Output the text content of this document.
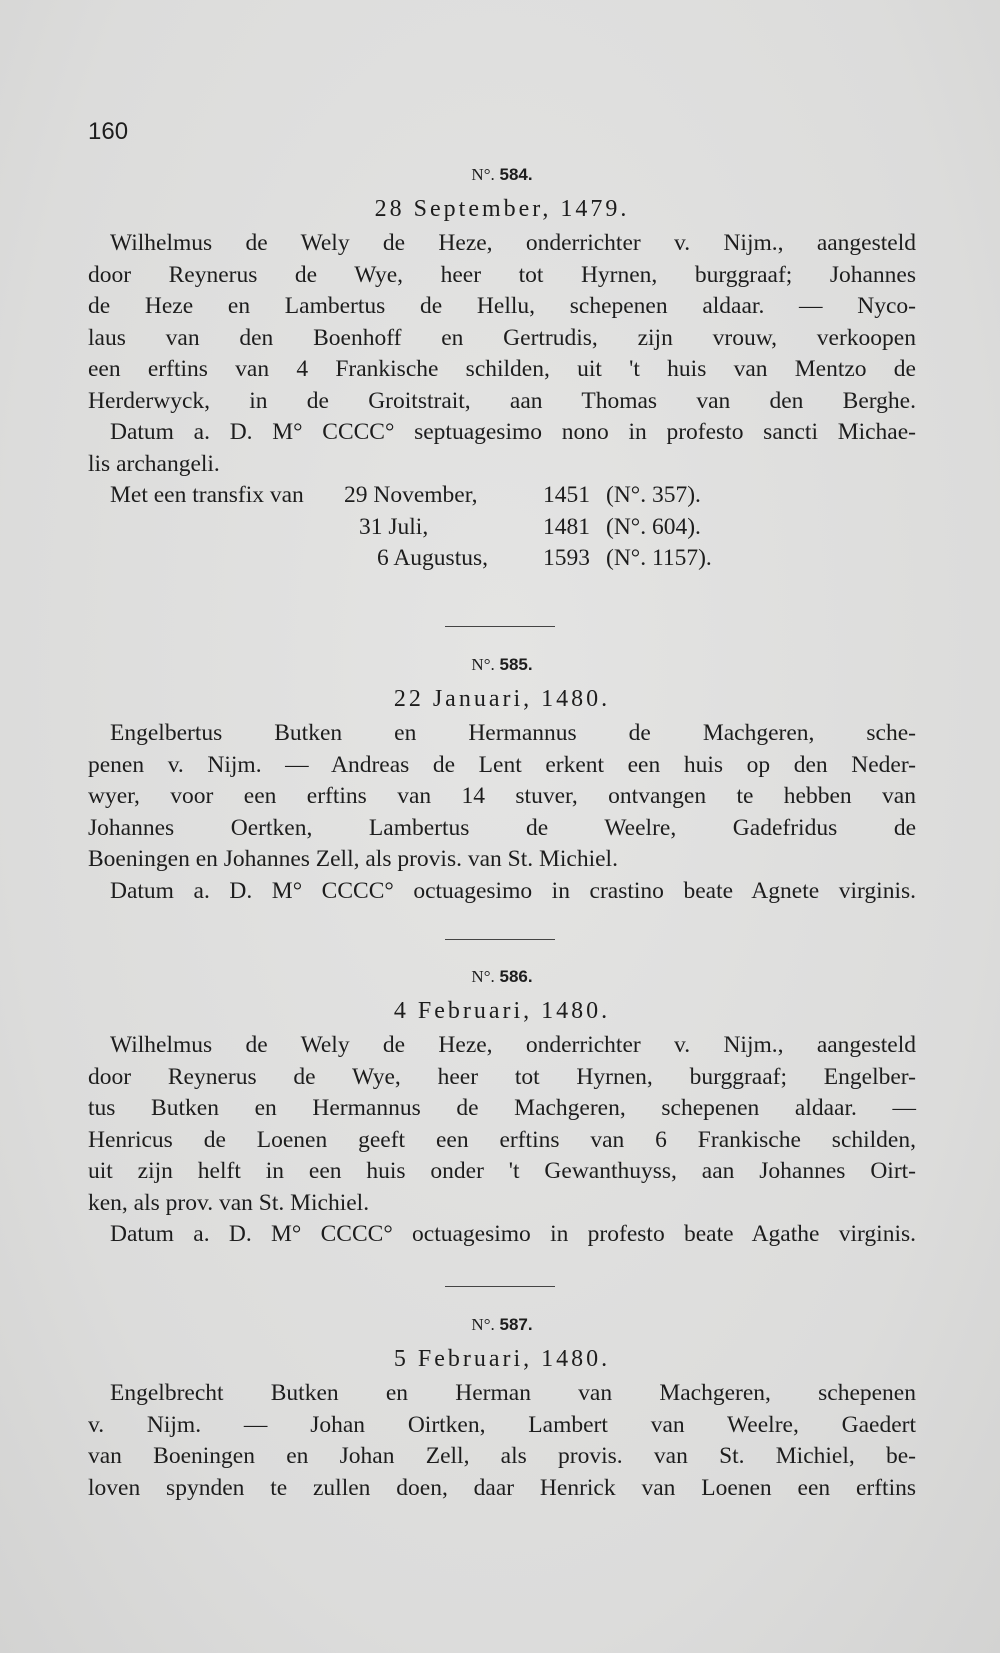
160
N°. 584.
28 September, 1479.
Wilhelmus de Wely de Heze, onderrichter v. Nijm., aangesteld
door Reynerus de Wye, heer tot Hyrnen, burggraaf; Johannes
de Heze en Lambertus de Hellu, schepenen aldaar. — Nyco-
laus van den Boenhoff en Gertrudis, zijn vrouw, verkoopen
een erftins van 4 Frankische schilden, uit 't huis van Mentzo de
Herderwyck, in de Groitstrait, aan Thomas van den Berghe.
Datum a. D. M° CCCC° septuagesimo nono in profesto sancti Michae-
lis archangeli.
Met een transfix van 29 November,	1451 (N°. 357).
31 Juli,	1481 (N°. 604).
6 Augustus, 1593 (N°. 1157).
N°. 585.
22 Januari, 1480.
Engelbertus Butken en Hermannus de Machgeren, sche-
penen v. Nijm. — Andreas de Lent erkent een huis op den Neder-
wyer, voor een erftins van 14 stuver, ontvangen te hebben van
Johannes Oertken, Lambertus de Weelre, Gadefridus de
Boeningen en Johannes Zell, als provis. van St. Michiel.
Datum a. D. M° CCCC° octuagesimo in crastino beate Agnete virginis.
N°. 586.
4 Februari, 1480.
Wilhelmus de Wely de Heze, onderrichter v. Nijm., aangesteld
door Reynerus de Wye, heer tot Hyrnen, burggraaf; Engelber-
tus Butken en Hermannus de Machgeren, schepenen aldaar. —
Henricus de Loenen geeft een erftins van 6 Frankische schilden,
uit zijn helft in een huis onder 't Gewanthuyss, aan Johannes Oirt-
ken, als prov. van St. Michiel.
Datum a. D. M° CCCC° octuagesimo in profesto beate Agathe virginis.
N°. 587.
5 Februari, 1480.
Engelbrecht Butken en Herman van Machgeren, schepenen
v. Nijm. — Johan Oirtken, Lambert van Weelre, Gaedert
van Boeningen en Johan Zell, als provis. van St. Michiel, be-
loven spynden te zullen doen, daar Henrick van Loenen een erftins
